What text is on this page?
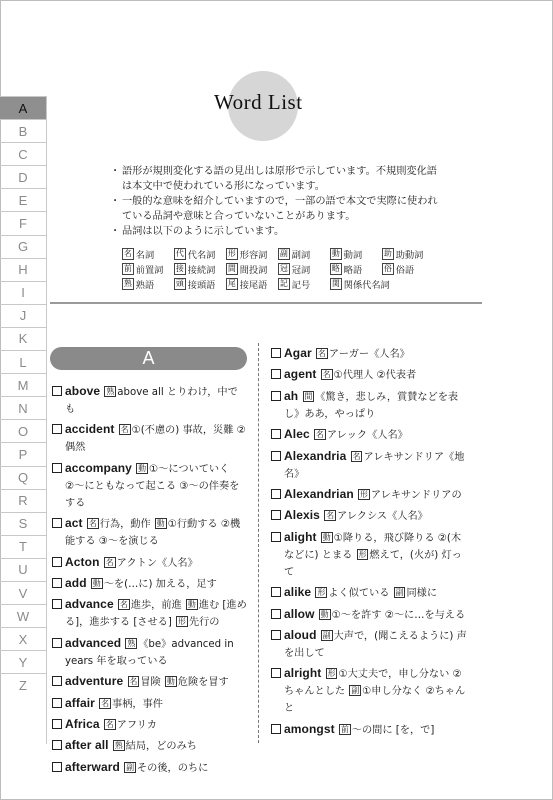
A
B
C
D
E
F
G
H
I
J
K
L
M
N
O
P
Q
R
S
T
U
V
W
X
Y
Z
Word List
・ 語形が規則変化する語の見出しは原形で示しています。不規則変化語は本文中で使われている形になっています。
・ 一般的な意味を紹介していますので，一部の語で本文で実際に使われている品詞や意味と合っていないことがあります。
・ 品詞は以下のように示しています。
名 名詞	代 代名詞 形 形容詞 副 副詞	動 動詞	助 助動詞
前 前置詞 接 接続詞 間 間投詞 冠 冠詞	略 略語	俗 俗語
熟 熟語	頭 接頭語 尾 接尾語 記 記号	関 関係代名詞
A
above 熟 above all とりわけ，中でも
accident 名 ①(不慮の) 事故，災難 ②偶然
accompany 動 ①〜についていく ②〜にともなって起こる ③〜の伴奏をする
act 名 行為，動作 動 ①行動する ②機能する ③〜を演じる
Acton 名 アクトン《人名》
add 動 〜を(…に) 加える，足す
advance 名 進歩，前進 動 進む [進める]，進歩する [させる] 形 先行の
advanced 熟 《be》advanced in years 年を取っている
adventure 名 冒険 動 危険を冒す
affair 名 事柄，事件
Africa 名 アフリカ
after all 熟 結局，どのみち
afterward 副 その後，のちに
Agar 名 アーガー《人名》
agent 名 ①代理人 ②代表者
ah 間 《驚き，悲しみ，賞賛などを表し》ああ，やっぱり
Alec 名 アレック《人名》
Alexandria 名 アレキサンドリア《地名》
Alexandrian 形 アレキサンドリアの
Alexis 名 アレクシス《人名》
alight 動 ①降りる，飛び降りる ②(木などに) とまる 形 燃えて，(火が) 灯って
alike 形 よく似ている 副 同様に
allow 動 ①〜を許す ②〜に…を与える
aloud 副 大声で，(聞こえるように) 声を出して
alright 形 ①大丈夫で，申し分ない ②ちゃんとした 副 ①申し分なく ②ちゃんと
amongst 前 〜の間に [を，で]
